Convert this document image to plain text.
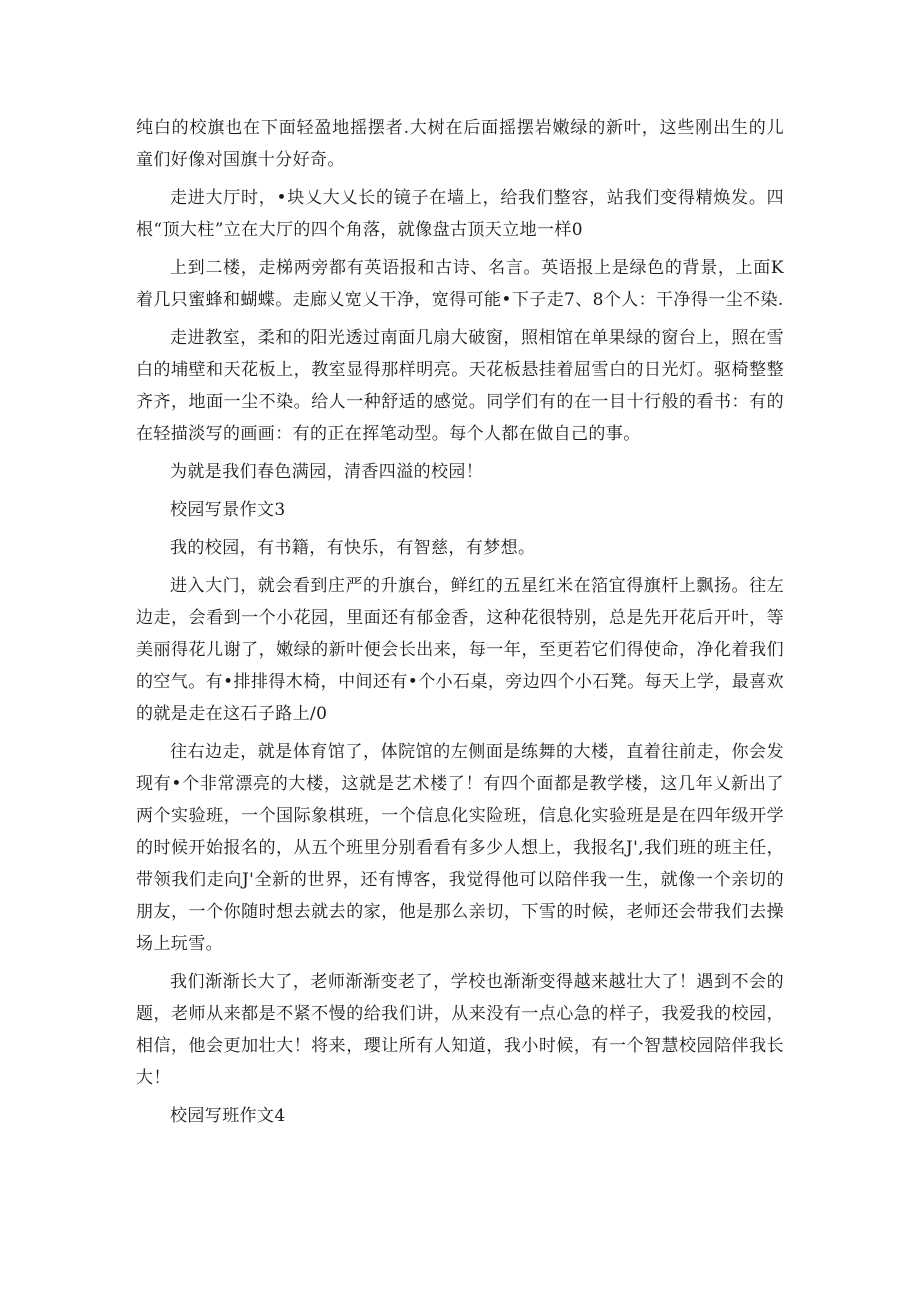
纯白的校旗也在下面轻盈地摇摆者.大树在后面摇摆岩嫩绿的新叶，这些刚出生的儿童们好像对国旗十分好奇。

走进大厅时，•块乂大乂长的镜子在墙上，给我们整容，站我们变得精焕发。四根“顶大柱”立在大厅的四个角落，就像盘古顶天立地一样0

上到二楼，走梯两旁都有英语报和古诗、名言。英语报上是绿色的背景，上面K着几只蜜蜂和蝴蝶。走廊乂宽乂干净，宽得可能•下子走7、8个人：干净得一尘不染.

走进教室，柔和的阳光透过南面几扇大破窗，照相馆在单果绿的窗台上，照在雪白的埔壁和天花板上，教室显得那样明亮。天花板悬挂着屈雪白的日光灯。驱椅整整齐齐，地面一尘不染。给人一种舒适的感觉。同学们有的在一目十行般的看书：有的在轻描淡写的画画：有的正在挥笔动型。每个人都在做自己的事。

为就是我们春色满园，清香四溢的校园！

校园写景作文3

我的校园，有书籍，有快乐，有智慈，有梦想。

进入大门，就会看到庄严的升旗台，鲜红的五星红米在箔宜得旗杆上飘扬。往左边走，会看到一个小花园，里面还有郁金香，这种花很特别，总是先开花后开叶，等美丽得花儿谢了，嫩绿的新叶便会长出来，每一年，至更若它们得使命，净化着我们的空气。有•排排得木椅，中间还有•个小石桌，旁边四个小石凳。每天上学，最喜欢的就是走在这石子路上/0

往右边走，就是体育馆了，体院馆的左侧面是练舞的大楼，直着往前走，你会发现有•个非常漂亮的大楼，这就是艺术楼了！有四个面都是教学楼，这几年乂新出了两个实验班，一个国际象棋班，一个信息化实险班，信息化实验班是是在四年级开学的时候开始报名的，从五个班里分别看看有多少人想上，我报名J',我们班的班主任，带领我们走向J'全新的世界，还有博客，我觉得他可以陪伴我一生，就像一个亲切的朋友，一个你随时想去就去的家，他是那么亲切，下雪的时候，老师还会带我们去操场上玩雪。

我们渐渐长大了，老师渐渐变老了，学校也渐渐变得越来越壮大了！遇到不会的题，老师从来都是不紧不慢的给我们讲，从来没有一点心急的样子，我爱我的校园，相信，他会更加壮大！将来，瓔让所有人知道，我小时候，有一个智慧校园陪伴我长大！

校园写班作文4
